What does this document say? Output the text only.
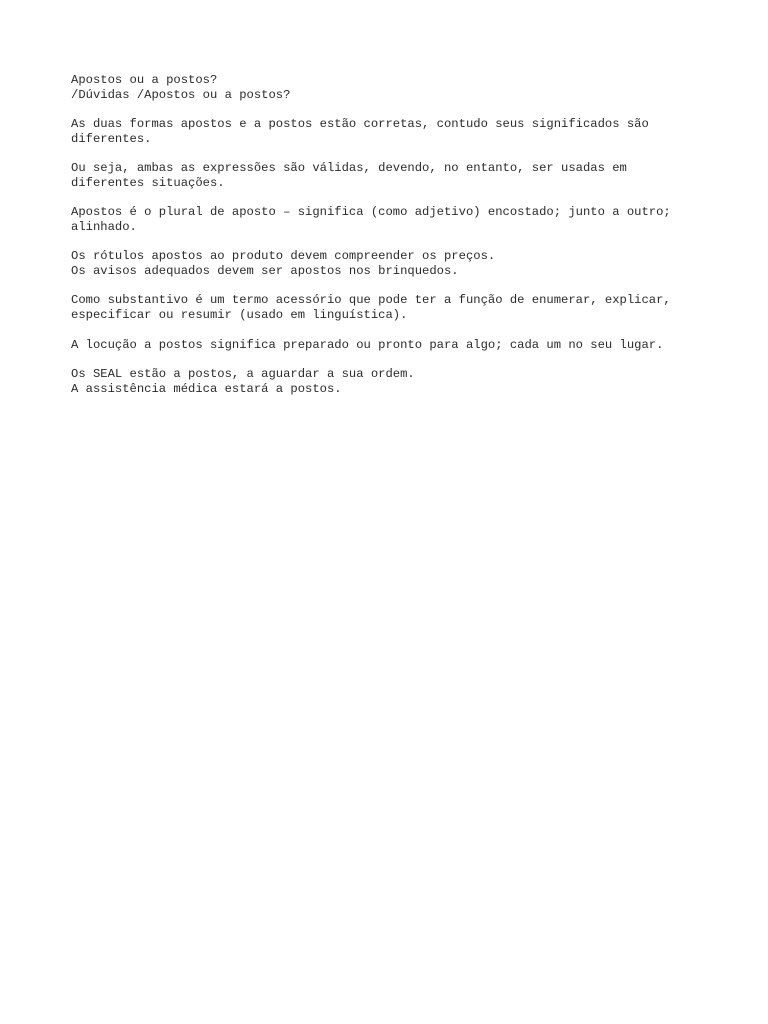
Apostos ou a postos?
/Dúvidas /Apostos ou a postos?
As duas formas apostos e a postos estão corretas, contudo seus significados são
diferentes.
Ou seja, ambas as expressões são válidas, devendo, no entanto, ser usadas em
diferentes situações.
Apostos é o plural de aposto – significa (como adjetivo) encostado; junto a outro;
alinhado.
Os rótulos apostos ao produto devem compreender os preços.
Os avisos adequados devem ser apostos nos brinquedos.
Como substantivo é um termo acessório que pode ter a função de enumerar, explicar,
especificar ou resumir (usado em linguística).
A locução a postos significa preparado ou pronto para algo; cada um no seu lugar.
Os SEAL estão a postos, a aguardar a sua ordem.
A assistência médica estará a postos.
